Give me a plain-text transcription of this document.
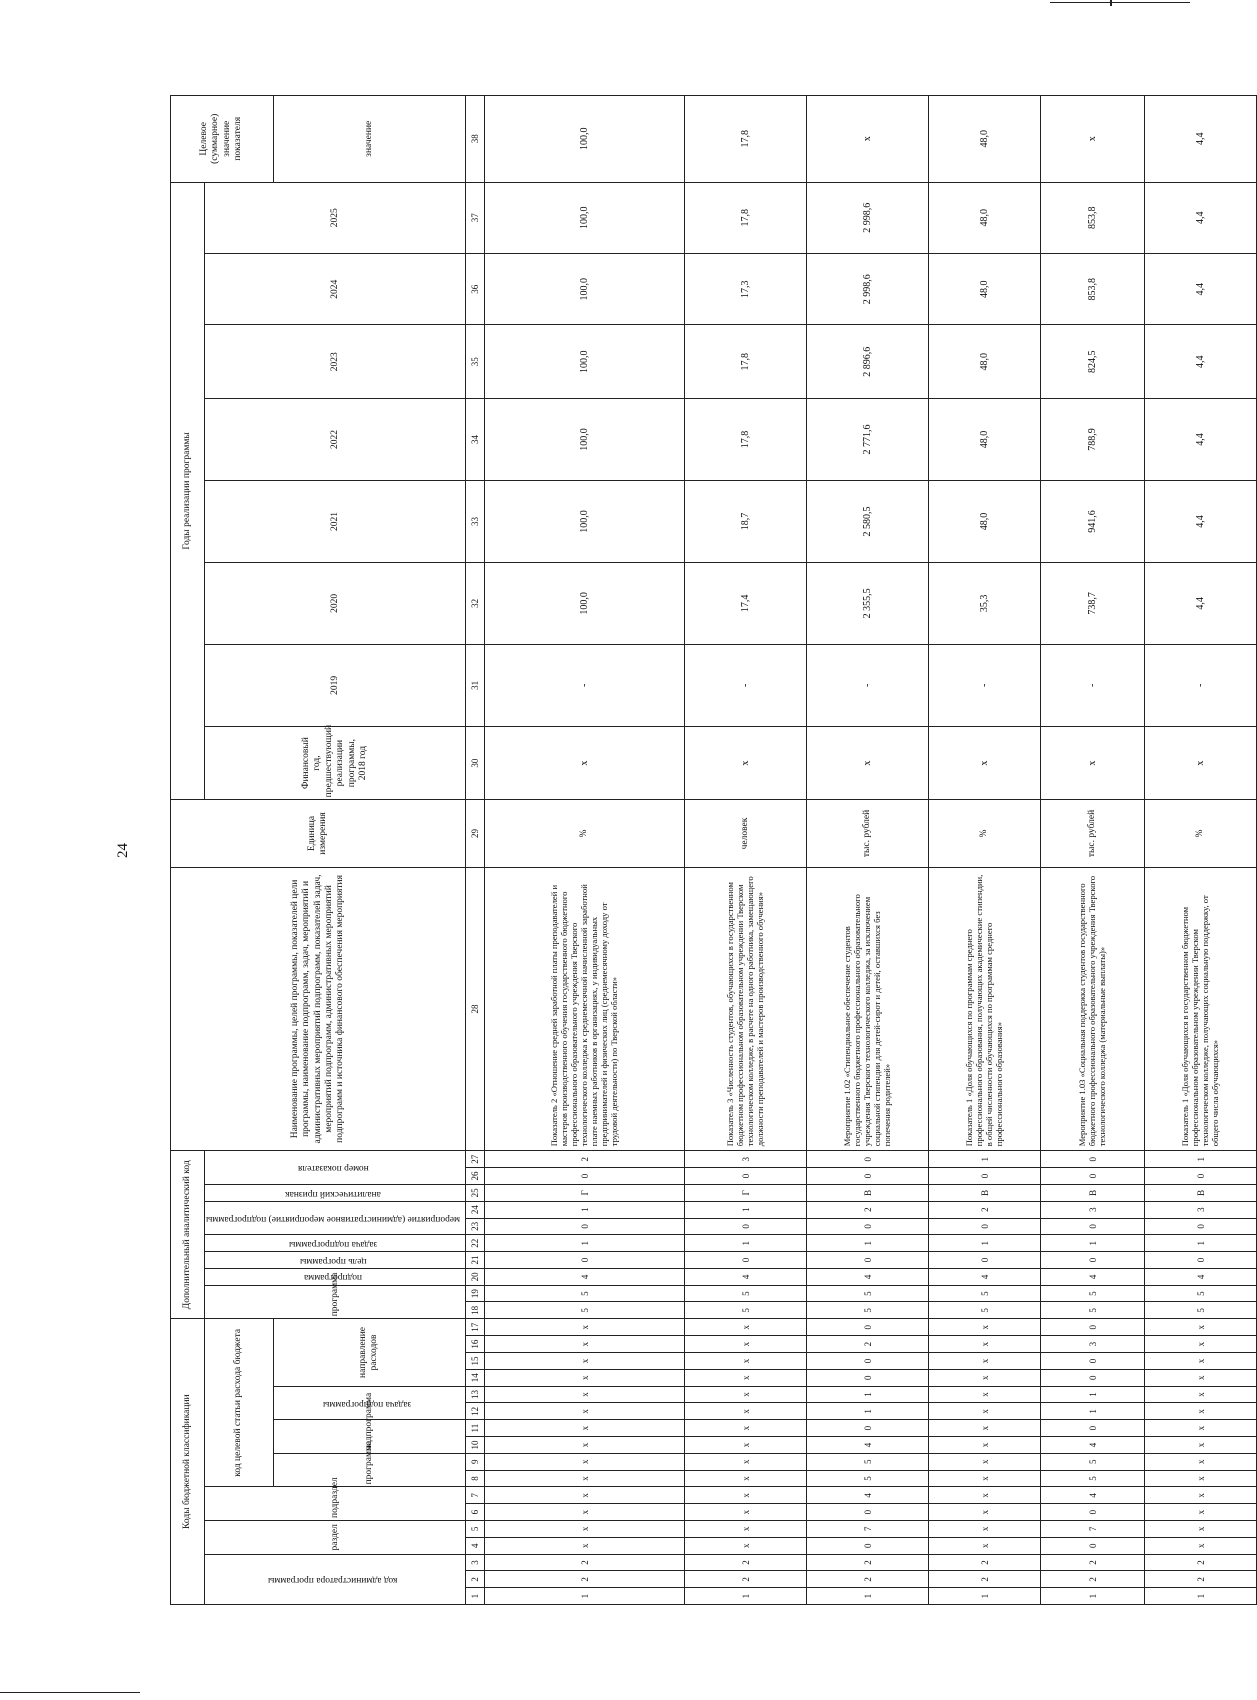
24
Коды бюджетной классификации																	Дополнительный аналитический код										Наименование программы, целей программы, показателей цели программы, наименование подпрограмм, задач, мероприятий и административных мероприятий подпрограмм, показателей задач, мероприятий подпрограмм, административных мероприятий подпрограмм и источника финансового обеспечения мероприятия	Единица измерения	Годы реализации программы								Целевое (суммарное) значение показателя
код администратора программы			раздел		подраздел		код целевой статьи расхода бюджета										программа		подпрограмма	цель программы	задача подпрограммы	мероприятие (административное мероприятие) подпрограммы		аналитический признак	номер показателя				Финансовый год, предшествующий реализации программы, 2018 год	2019	2020	2021	2022	2023	2024	2025	
							программа		подпрограмма		задача подпрограммы		направление расходов																								значение
1	2	3	4	5	6	7	8	9	10	11	12	13	14	15	16	17	18	19	20	21	22	23	24	25	26	27	28	29	30	31	32	33	34	35	36	37	38
1	2	2	x	x	x	x	x	x	x	x	x	x	x	x	x	x	5	5	4	0	1	0	1	Г	0	2	Показатель 2 «Отношение средней заработной платы преподавателей и мастеров производственного обучения государственного бюджетного профессионального образовательного учреждения Тверского технологического колледжа к среднемесячной начисленной заработной плате наемных работников в организациях, у индивидуальных предпринимателей и физических лиц (среднемесячному доходу от трудовой деятельности) по Тверской области»	%	x	-	100,0	100,0	100,0	100,0	100,0	100,0	100,0
1	2	2	x	x	x	x	x	x	x	x	x	x	x	x	x	x	5	5	4	0	1	0	1	Г	0	3	Показатель 3 «Численность студентов, обучающихся в государственном бюджетном профессиональном образовательном учреждении Тверском технологическом колледже, в расчете на одного работника, замещающего должности преподавателей и мастеров производственного обучения»	человек	x	-	17,4	18,7	17,8	17,8	17,3	17,8	17,8
1	2	2	0	7	0	4	5	5	4	0	1	1	0	0	2	0	5	5	4	0	1	0	2	В	0	0	Мероприятие 1.02 «Стипендиальное обеспечение студентов государственного бюджетного профессионального образовательного учреждения Тверского технологического колледжа, за исключением социальной стипендии для детей-сирот и детей, оставшихся без попечения родителей»	тыс. рублей	x	-	2 355,5	2 580,5	2 771,6	2 896,6	2 998,6	2 998,6	x
1	2	2	x	x	x	x	x	x	x	x	x	x	x	x	x	x	5	5	4	0	1	0	2	В	0	1	Показатель 1 «Доля обучающихся по программам среднего профессионального образования, получающих академические стипендии, в общей численности обучающихся по программам среднего профессионального образования»	%	x	-	35,3	48,0	48,0	48,0	48,0	48,0	48,0
1	2	2	0	7	0	4	5	5	4	0	1	1	0	0	3	0	5	5	4	0	1	0	3	В	0	0	Мероприятие 1.03 «Социальная поддержка студентов государственного бюджетного профессионального образовательного учреждения Тверского технологического колледжа (материальные выплаты)»	тыс. рублей	x	-	738,7	941,6	788,9	824,5	853,8	853,8	x
1	2	2	x	x	x	x	x	x	x	x	x	x	x	x	x	x	5	5	4	0	1	0	3	В	0	1	Показатель 1 «Доля обучающихся в государственном бюджетном профессиональном образовательном учреждении Тверском технологическом колледже, получающих социальную поддержку, от общего числа обучающихся»	%	x	-	4,4	4,4	4,4	4,4	4,4	4,4	4,4
